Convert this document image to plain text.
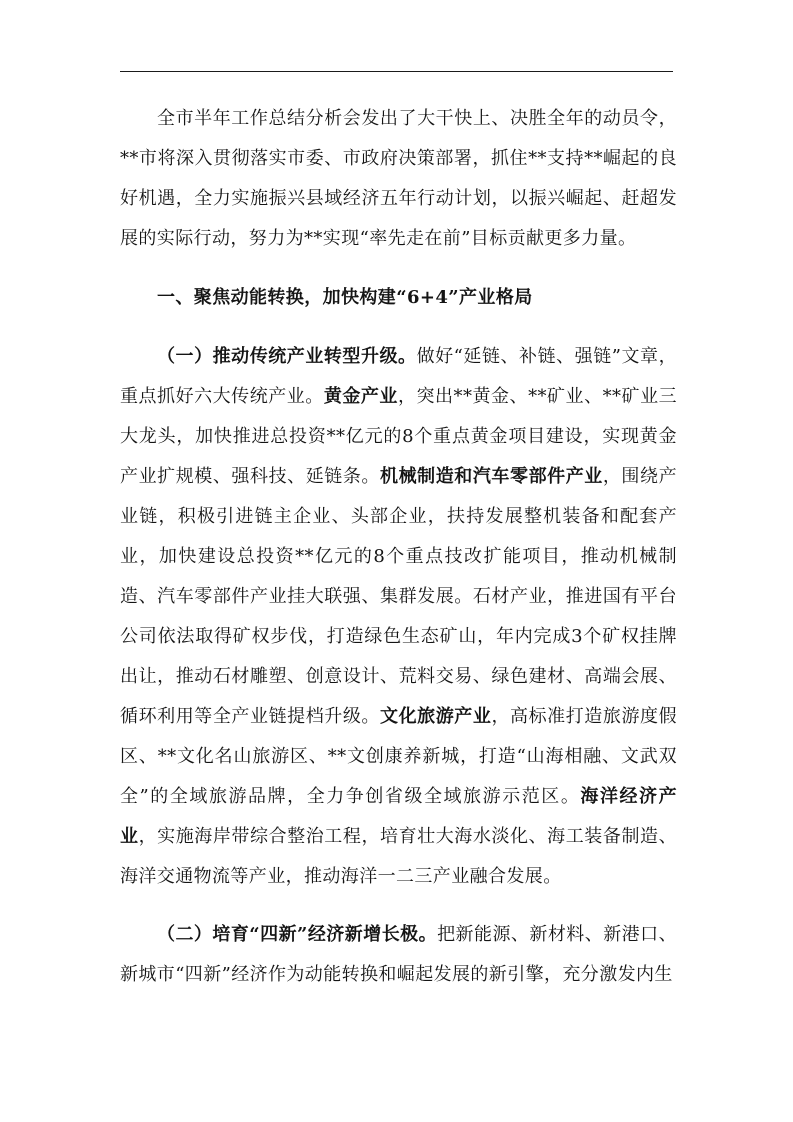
全市半年工作总结分析会发出了大干快上、决胜全年的动员令，**市将深入贯彻落实市委、市政府决策部署，抓住**支持**崛起的良好机遇，全力实施振兴县域经济五年行动计划，以振兴崛起、赶超发展的实际行动，努力为**实现“率先走在前”目标贡献更多力量。

一、聚焦动能转换，加快构建“6+4”产业格局

（一）推动传统产业转型升级。做好“延链、补链、强链”文章，重点抓好六大传统产业。黄金产业，突出**黄金、**矿业、**矿业三大龙头，加快推进总投资**亿元的8个重点黄金项目建设，实现黄金产业扩规模、强科技、延链条。机械制造和汽车零部件产业，围绕产业链，积极引进链主企业、头部企业，扶持发展整机装备和配套产业，加快建设总投资**亿元的8个重点技改扩能项目，推动机械制造、汽车零部件产业挂大联强、集群发展。石材产业，推进国有平台公司依法取得矿权步伐，打造绿色生态矿山，年内完成3个矿权挂牌出让，推动石材雕塑、创意设计、荒料交易、绿色建材、高端会展、循环利用等全产业链提档升级。文化旅游产业，高标准打造旅游度假区、**文化名山旅游区、**文创康养新城，打造“山海相融、文武双全”的全域旅游品牌，全力争创省级全域旅游示范区。海洋经济产业，实施海岸带综合整治工程，培育壮大海水淡化、海工装备制造、海洋交通物流等产业，推动海洋一二三产业融合发展。

（二）培育“四新”经济新增长极。把新能源、新材料、新港口、新城市“四新”经济作为动能转换和崛起发展的新引擎，充分激发内生
